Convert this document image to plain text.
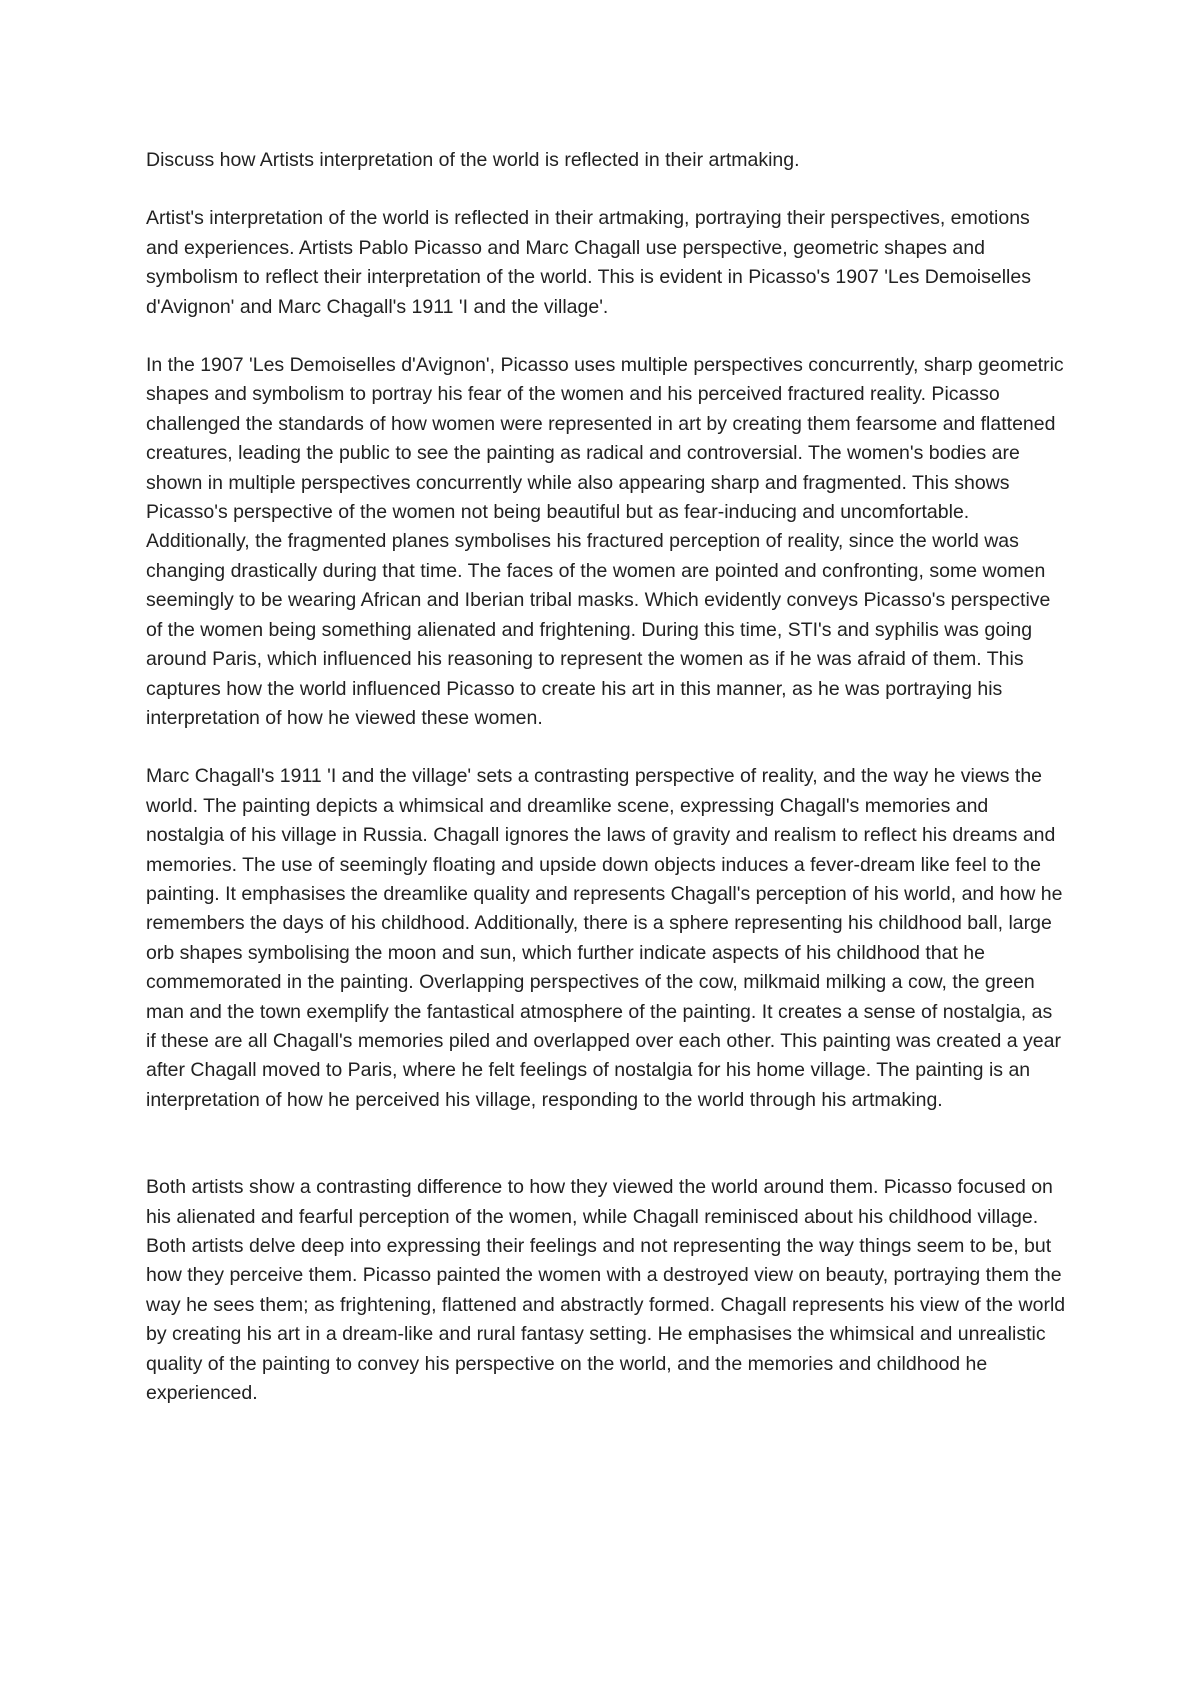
Discuss how Artists interpretation of the world is reflected in their artmaking.

Artist's interpretation of the world is reflected in their artmaking, portraying their perspectives, emotions and experiences. Artists Pablo Picasso and Marc Chagall use perspective, geometric shapes and symbolism to reflect their interpretation of the world. This is evident in Picasso's 1907 'Les Demoiselles d'Avignon' and Marc Chagall's 1911 'I and the village'.

In the 1907 'Les Demoiselles d'Avignon', Picasso uses multiple perspectives concurrently, sharp geometric shapes and symbolism to portray his fear of the women and his perceived fractured reality. Picasso challenged the standards of how women were represented in art by creating them fearsome and flattened creatures, leading the public to see the painting as radical and controversial. The women's bodies are shown in multiple perspectives concurrently while also appearing sharp and fragmented. This shows Picasso's perspective of the women not being beautiful but as fear-inducing and uncomfortable. Additionally, the fragmented planes symbolises his fractured perception of reality, since the world was changing drastically during that time. The faces of the women are pointed and confronting, some women seemingly to be wearing African and Iberian tribal masks. Which evidently conveys Picasso's perspective of the women being something alienated and frightening. During this time, STI's and syphilis was going around Paris, which influenced his reasoning to represent the women as if he was afraid of them. This captures how the world influenced Picasso to create his art in this manner, as he was portraying his interpretation of how he viewed these women.

Marc Chagall's 1911 'I and the village' sets a contrasting perspective of reality, and the way he views the world. The painting depicts a whimsical and dreamlike scene, expressing Chagall's memories and nostalgia of his village in Russia. Chagall ignores the laws of gravity and realism to reflect his dreams and memories. The use of seemingly floating and upside down objects induces a fever-dream like feel to the painting. It emphasises the dreamlike quality and represents Chagall's perception of his world, and how he remembers the days of his childhood. Additionally, there is a sphere representing his childhood ball, large orb shapes symbolising the moon and sun, which further indicate aspects of his childhood that he commemorated in the painting. Overlapping perspectives of the cow, milkmaid milking a cow, the green man and the town exemplify the fantastical atmosphere of the painting. It creates a sense of nostalgia, as if these are all Chagall's memories piled and overlapped over each other. This painting was created a year after Chagall moved to Paris, where he felt feelings of nostalgia for his home village. The painting is an interpretation of how he perceived his village, responding to the world through his artmaking.

Both artists show a contrasting difference to how they viewed the world around them. Picasso focused on his alienated and fearful perception of the women, while Chagall reminisced about his childhood village. Both artists delve deep into expressing their feelings and not representing the way things seem to be, but how they perceive them. Picasso painted the women with a destroyed view on beauty, portraying them the way he sees them; as frightening, flattened and abstractly formed. Chagall represents his view of the world by creating his art in a dream-like and rural fantasy setting. He emphasises the whimsical and unrealistic quality of the painting to convey his perspective on the world, and the memories and childhood he experienced.
